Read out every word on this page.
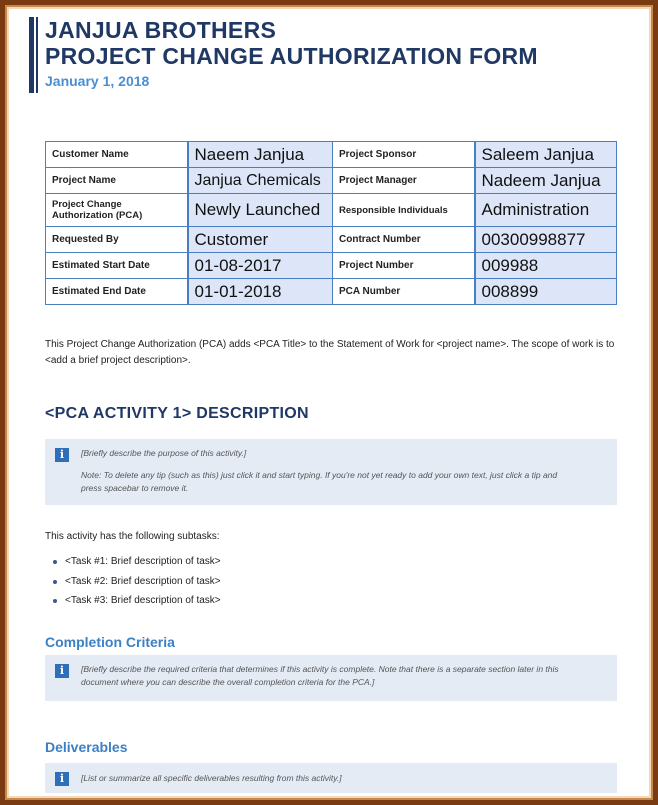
JANJUA BROTHERS
PROJECT CHANGE AUTHORIZATION FORM
January 1, 2018
Customer Name	Naeem Janjua	Project Sponsor	Saleem Janjua
Project Name	Janjua Chemicals	Project Manager	Nadeem Janjua
Project Change Authorization (PCA)	Newly Launched	Responsible Individuals	Administration
Requested By	Customer	Contract Number	00300998877
Estimated Start Date	01-08-2017	Project Number	009988
Estimated End Date	01-01-2018	PCA Number	008899
This Project Change Authorization (PCA) adds <PCA Title> to the Statement of Work for <project name>. The scope of work is to <add a brief project description>.
<PCA ACTIVITY 1> DESCRIPTION
i	[Briefly describe the purpose of this activity.]
Note: To delete any tip (such as this) just click it and start typing. If you're not yet ready to add your own text, just click a tip and press spacebar to remove it.
This activity has the following subtasks:
<Task #1: Brief description of task>
<Task #2: Brief description of task>
<Task #3: Brief description of task>
Completion Criteria
i	[Briefly describe the required criteria that determines if this activity is complete. Note that there is a separate section later in this document where you can describe the overall completion criteria for the PCA.]
Deliverables
i	[List or summarize all specific deliverables resulting from this activity.]
